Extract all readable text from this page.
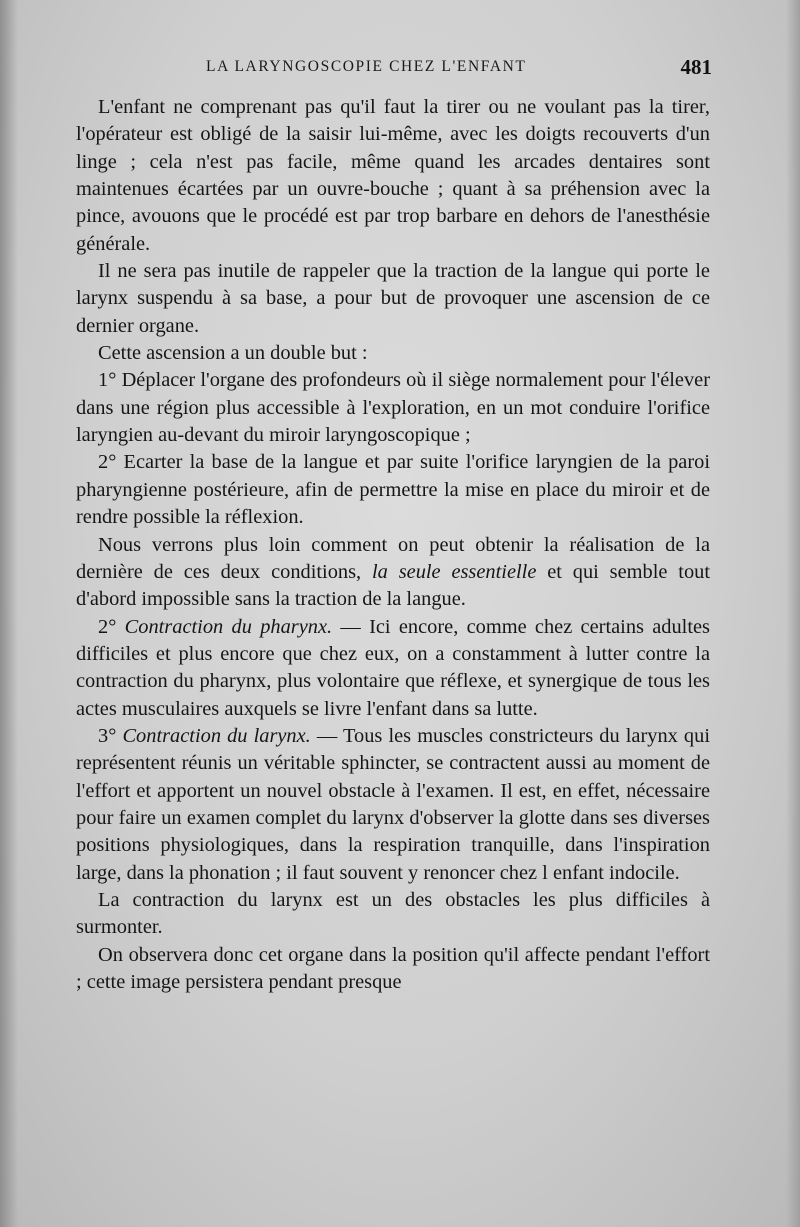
LA LARYNGOSCOPIE CHEZ L'ENFANT	481

L'enfant ne comprenant pas qu'il faut la tirer ou ne voulant pas la tirer, l'opérateur est obligé de la saisir lui-même, avec les doigts recouverts d'un linge ; cela n'est pas facile, même quand les arcades dentaires sont maintenues écartées par un ouvre-bouche ; quant à sa préhension avec la pince, avouons que le procédé est par trop barbare en dehors de l'anesthésie générale.

Il ne sera pas inutile de rappeler que la traction de la langue qui porte le larynx suspendu à sa base, a pour but de provoquer une ascension de ce dernier organe.

Cette ascension a un double but :

1° Déplacer l'organe des profondeurs où il siège normalement pour l'élever dans une région plus accessible à l'exploration, en un mot conduire l'orifice laryngien au-devant du miroir laryngoscopique ;

2° Ecarter la base de la langue et par suite l'orifice laryngien de la paroi pharyngienne postérieure, afin de permettre la mise en place du miroir et de rendre possible la réflexion.

Nous verrons plus loin comment on peut obtenir la réalisation de la dernière de ces deux conditions, la seule essentielle et qui semble tout d'abord impossible sans la traction de la langue.

2° Contraction du pharynx. — Ici encore, comme chez certains adultes difficiles et plus encore que chez eux, on a constamment à lutter contre la contraction du pharynx, plus volontaire que réflexe, et synergique de tous les actes musculaires auxquels se livre l'enfant dans sa lutte.

3° Contraction du larynx. — Tous les muscles constricteurs du larynx qui représentent réunis un véritable sphincter, se contractent aussi au moment de l'effort et apportent un nouvel obstacle à l'examen. Il est, en effet, nécessaire pour faire un examen complet du larynx d'observer la glotte dans ses diverses positions physiologiques, dans la respiration tranquille, dans l'inspiration large, dans la phonation ; il faut souvent y renoncer chez l enfant indocile.

La contraction du larynx est un des obstacles les plus difficiles à surmonter.

On observera donc cet organe dans la position qu'il affecte pendant l'effort ; cette image persistera pendant presque
